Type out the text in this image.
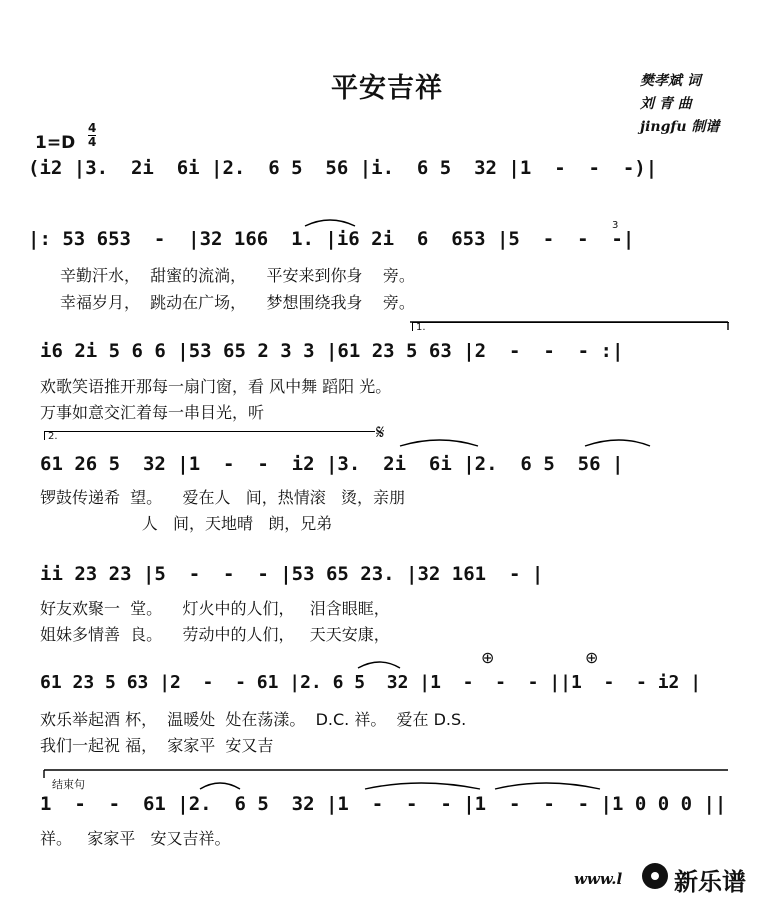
平安吉祥	樊孝斌 词
刘 青 曲
jingfu 制谱
$1=D \frac{4}{4}$
(i2 |3.  2i  6i |2.  6 5  56 |i.  6 5  32 |1  -  -  -)|
|: 53 653  -  |32 166  1. |i6 2i  6  653 |5  -  -  -|
辛勤汗水，  甜蜜的流淌，    平安来到你身    旁。
幸福岁月，  跳动在广场，    梦想围绕我身    旁。
i6 2i 5 6 6 |53 65 2 3 3 |61 23 5 63 |2  -  -  - :|
欢歌笑语推开那每一扇门窗，看 风中舞 蹈阳 光。
万事如意交汇着每一串目光，听
61 26 5  32 |1  -  -  i2 |3.  2i  6i |2.  6 5  56 |
锣鼓传递希  望。    爱在人   间，热情滚   烫，亲朋
人   间，天地晴   朗，兄弟
ii 23 23 |5  -  -  - |53 65 23. |32 161  - |
好友欢聚一  堂。    灯火中的人们，   泪含眼眶，
姐妹多情善  良。    劳动中的人们，   天天安康，
61 23 5 63 |2  -  - 61 |2. 6 5  32 |1  -  -  - ||1  -  - i2 |
欢乐举起酒 杯，  温暖处  处在荡漾。  D.C. 祥。  爱在 D.S.
我们一起祝 福，  家家平  安又吉
结束句
1  -  -  61 |2.  6 5  32 |1  -  -  - |1  -  -  - |1 0 0 0 ||
祥。   家家平   安又吉祥。
1.
2.	𝄋
⊕	⊕
3
www.l 新乐谱
